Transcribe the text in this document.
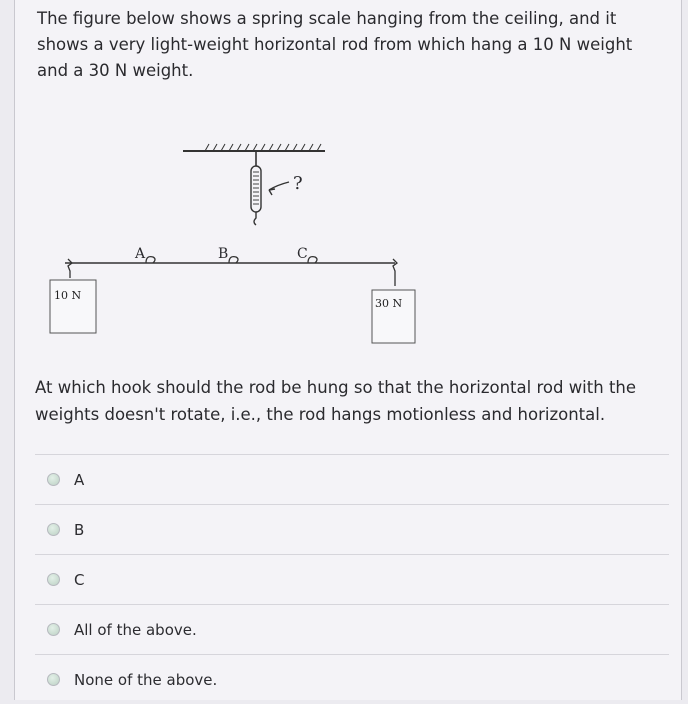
The figure below shows a spring scale hanging from the ceiling, and it shows a very light-weight horizontal rod from which hang a 10 N weight and a 30 N weight.

?
A	B	C
10 N
30 N

At which hook should the rod be hung so that the horizontal rod with the weights doesn't rotate, i.e., the rod hangs motionless and horizontal.

A
B
C
All of the above.
None of the above.
